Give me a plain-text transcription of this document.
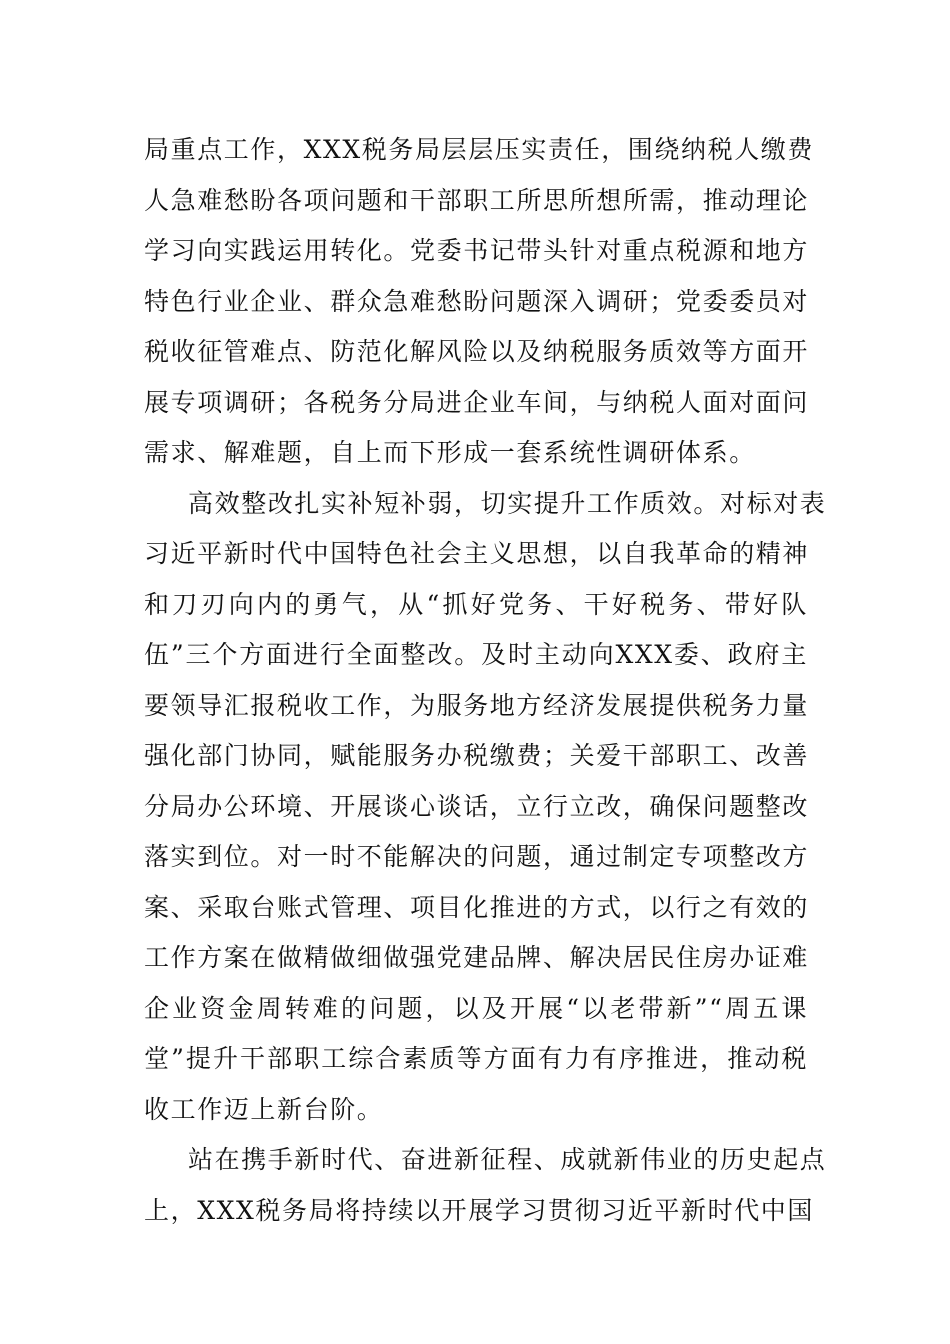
局重点工作，XXX税务局层层压实责任，围绕纳税人缴费
人急难愁盼各项问题和干部职工所思所想所需，推动理论
学习向实践运用转化。党委书记带头针对重点税源和地方
特色行业企业、群众急难愁盼问题深入调研；党委委员对
税收征管难点、防范化解风险以及纳税服务质效等方面开
展专项调研；各税务分局进企业车间，与纳税人面对面问
需求、解难题，自上而下形成一套系统性调研体系。
高效整改扎实补短补弱，切实提升工作质效。对标对表
习近平新时代中国特色社会主义思想，以自我革命的精神
和刀刃向内的勇气，从“抓好党务、干好税务、带好队
伍”三个方面进行全面整改。及时主动向XXX委、政府主
要领导汇报税收工作，为服务地方经济发展提供税务力量
强化部门协同，赋能服务办税缴费；关爱干部职工、改善
分局办公环境、开展谈心谈话，立行立改，确保问题整改
落实到位。对一时不能解决的问题，通过制定专项整改方
案、采取台账式管理、项目化推进的方式，以行之有效的
工作方案在做精做细做强党建品牌、解决居民住房办证难
企业资金周转难的问题，以及开展“以老带新”“周五课
堂”提升干部职工综合素质等方面有力有序推进，推动税
收工作迈上新台阶。
站在携手新时代、奋进新征程、成就新伟业的历史起点
上，XXX税务局将持续以开展学习贯彻习近平新时代中国
